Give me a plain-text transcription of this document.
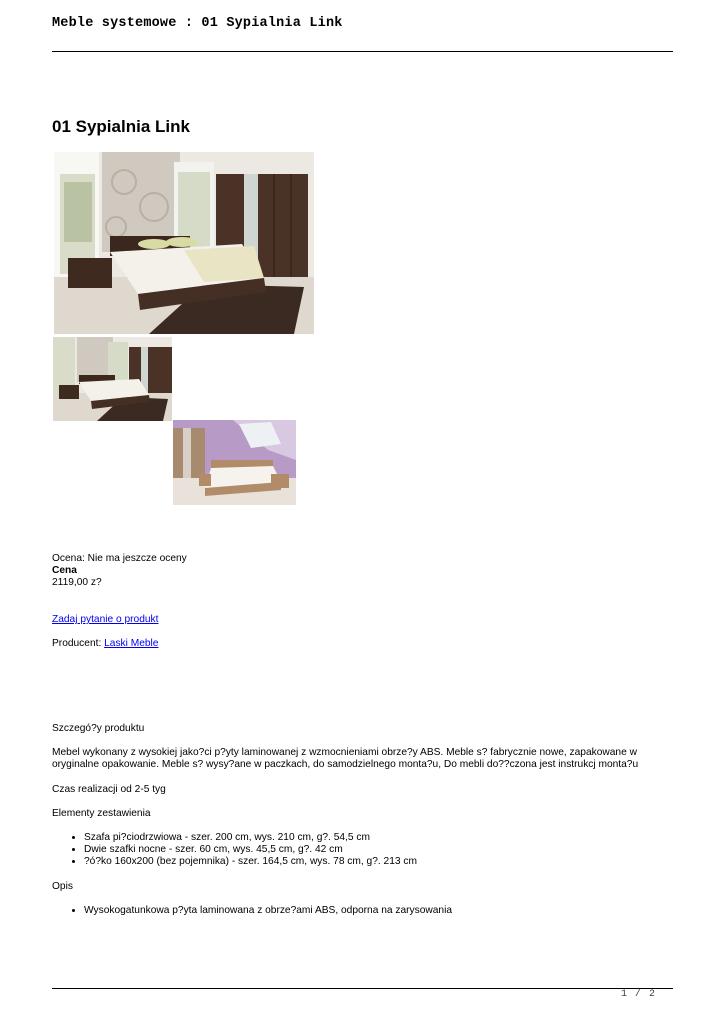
Meble systemowe : 01 Sypialnia Link
01 Sypialnia Link
Ocena: Nie ma jeszcze oceny
Cena
2119,00 z?
Zadaj pytanie o produkt
Producent: Laski Meble
Szczegó?y produktu
Mebel wykonany z wysokiej jako?ci p?yty laminowanej z wzmocnieniami obrze?y ABS. Meble s? fabrycznie nowe, zapakowane w oryginalne opakowanie. Meble s? wysy?ane w paczkach, do samodzielnego monta?u, Do mebli do??czona jest instrukcj monta?u
Czas realizacji od 2-5 tyg
Elementy zestawienia
• Szafa pi?ciodrzwiowa - szer. 200 cm, wys. 210 cm, g?. 54,5 cm
• Dwie szafki nocne - szer. 60 cm, wys. 45,5 cm, g?. 42 cm
• ?ó?ko 160x200 (bez pojemnika) - szer. 164,5 cm, wys. 78 cm, g?. 213 cm
Opis
• Wysokogatunkowa p?yta laminowana z obrze?ami ABS, odporna na zarysowania
1 / 2
